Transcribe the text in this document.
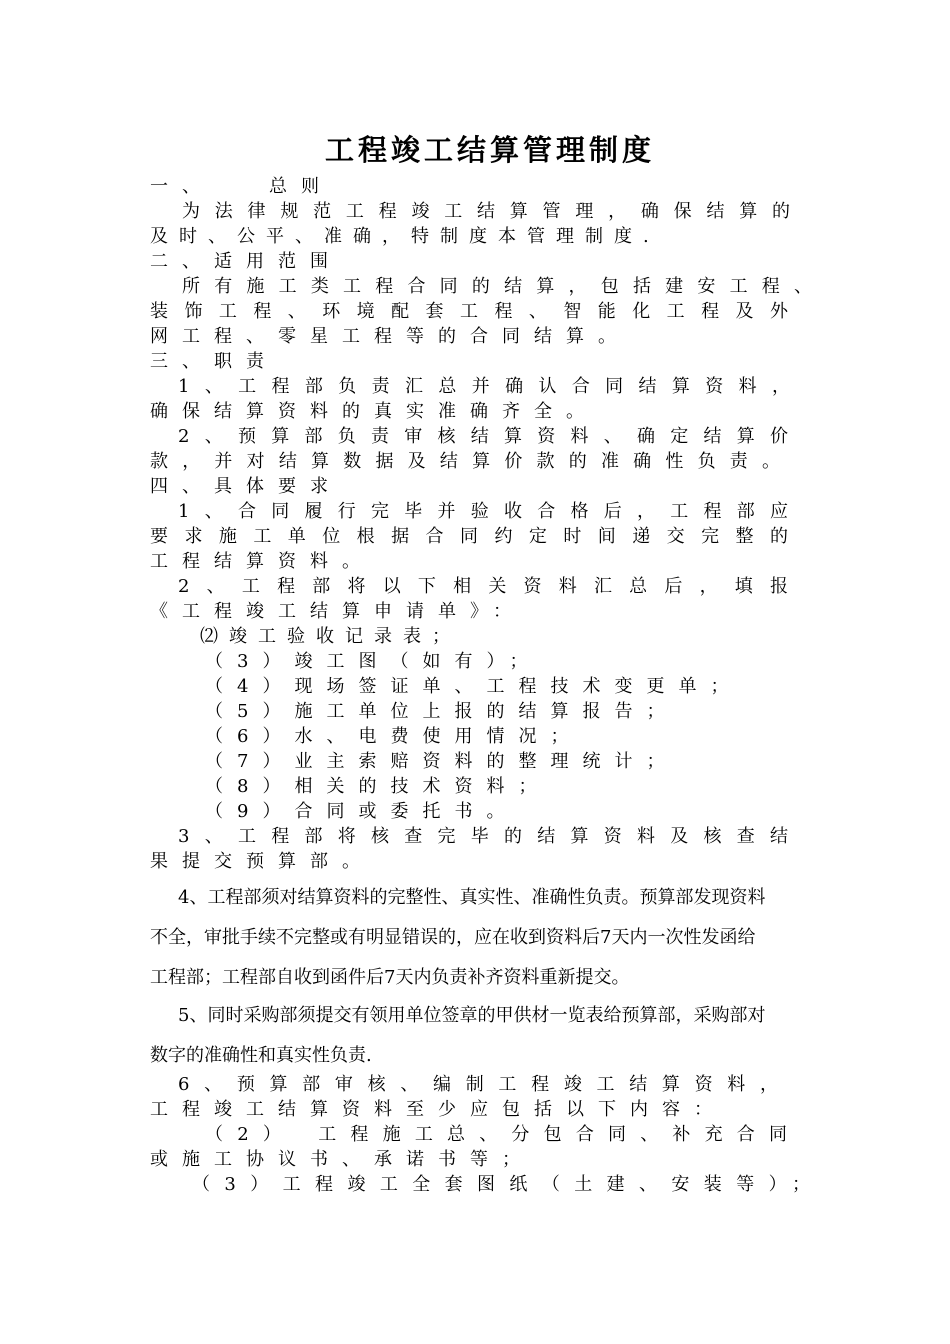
工程竣工结算管理制度
一、　　总则
为法律规范工程竣工结算管理，确保结算的
及时、公平、准确，特制度本管理制度.
二、适用范围
所有施工类工程合同的结算，包括建安工程、
装饰工程、环境配套工程、智能化工程及外
网工程、零星工程等的合同结算。
三、职责
1、工程部负责汇总并确认合同结算资料，
确保结算资料的真实准确齐全。
2、预算部负责审核结算资料、确定结算价
款，并对结算数据及结算价款的准确性负责。
四、具体要求
1、合同履行完毕并验收合格后，工程部应
要求施工单位根据合同约定时间递交完整的
工程结算资料。
2、工程部将以下相关资料汇总后，填报
《工程竣工结算申请单》：
⑵竣工验收记录表；
（3）竣工图（如有）；
（4）现场签证单、工程技术变更单；
（5）施工单位上报的结算报告；
（6）水、电费使用情况；
（7）业主索赔资料的整理统计；
（8）相关的技术资料；
（9）合同或委托书。
3、工程部将核查完毕的结算资料及核查结
果提交预算部。
4、工程部须对结算资料的完整性、真实性、准确性负责。预算部发现资料
不全，审批手续不完整或有明显错误的，应在收到资料后7天内一次性发函给
工程部；工程部自收到函件后7天内负责补齐资料重新提交。
5、同时采购部须提交有领用单位签章的甲供材一览表给预算部，采购部对
数字的准确性和真实性负责.
6、预算部审核、编制工程竣工结算资料，
工程竣工结算资料至少应包括以下内容：
（2）　工程施工总、分包合同、补充合同
或施工协议书、承诺书等；
（3）工程竣工全套图纸（土建、安装等）；
